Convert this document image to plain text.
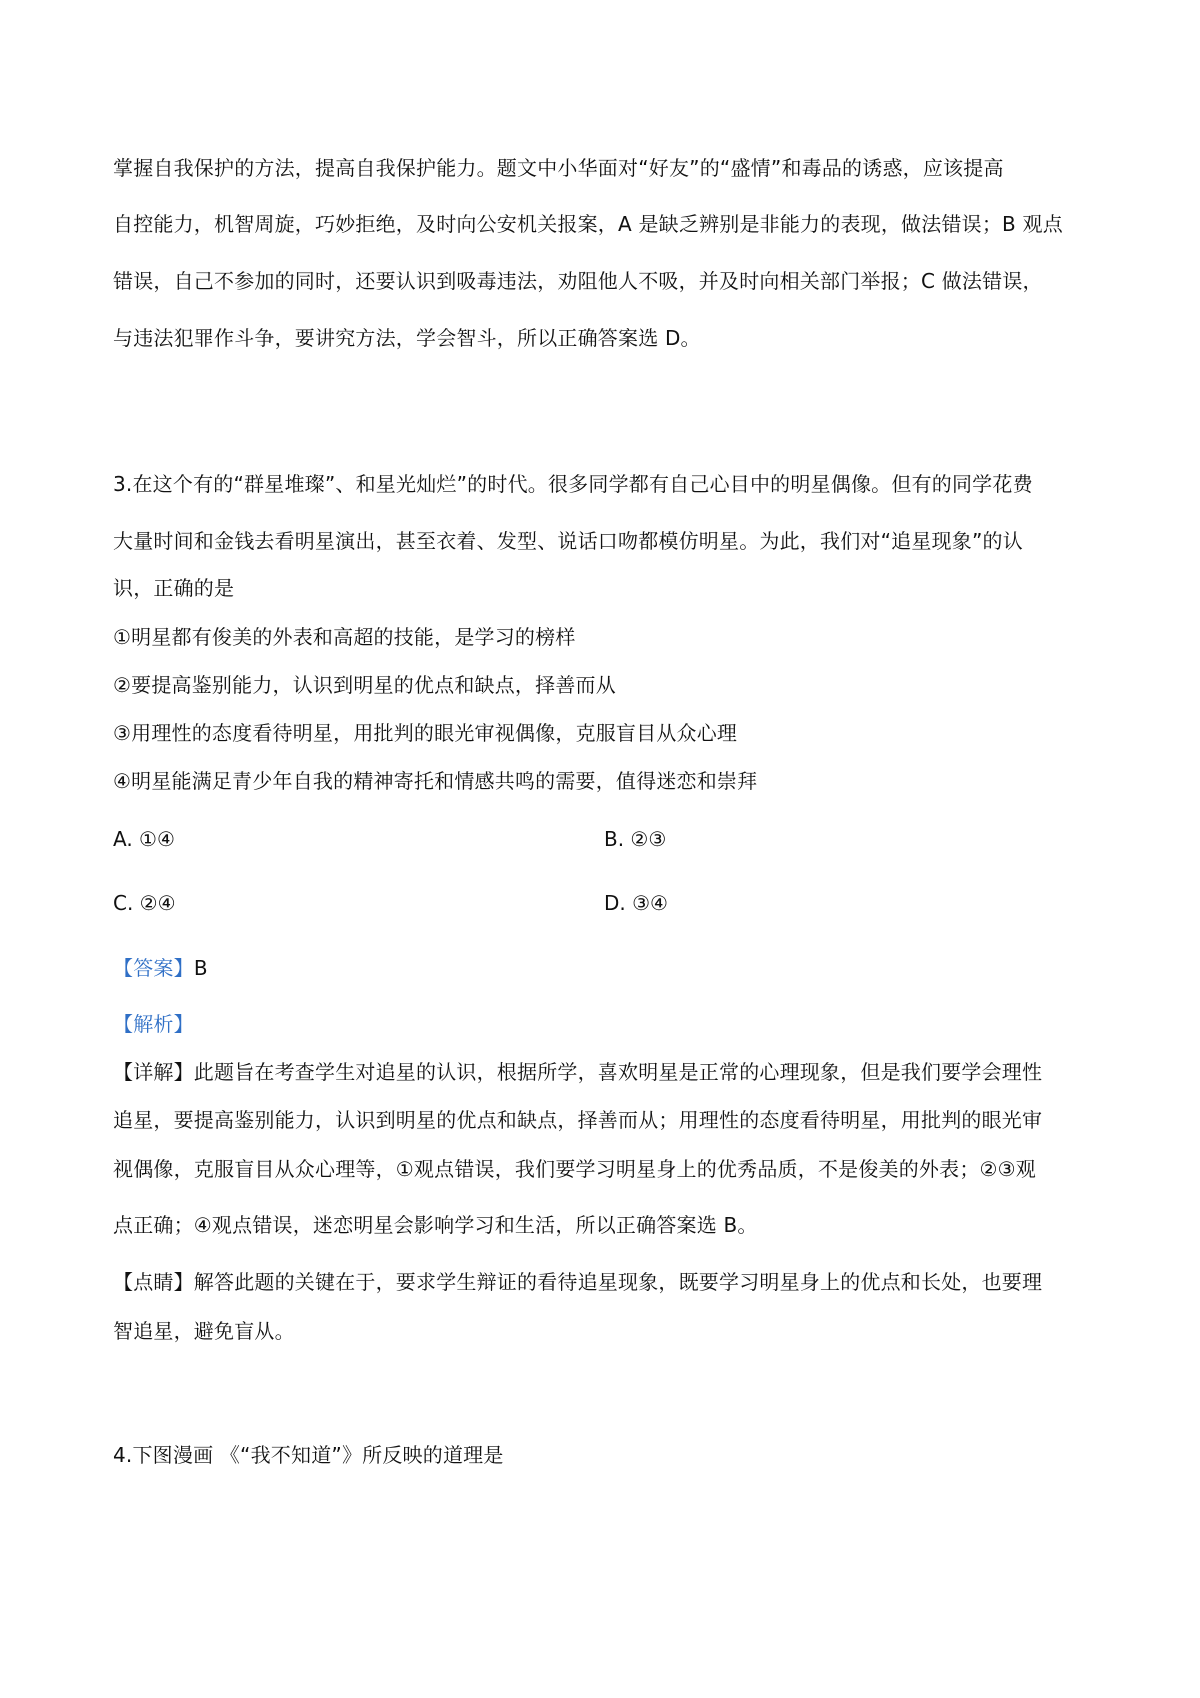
掌握自我保护的方法，提高自我保护能力。题文中小华面对“好友”的“盛情”和毒品的诱惑，应该提高
自控能力，机智周旋，巧妙拒绝，及时向公安机关报案，A 是缺乏辨别是非能力的表现，做法错误；B 观点
错误，自己不参加的同时，还要认识到吸毒违法，劝阻他人不吸，并及时向相关部门举报；C 做法错误，
与违法犯罪作斗争，要讲究方法，学会智斗，所以正确答案选 D。
3.在这个有的“群星堆璨”、和星光灿烂”的时代。很多同学都有自己心目中的明星偶像。但有的同学花费
大量时间和金钱去看明星演出，甚至衣着、发型、说话口吻都模仿明星。为此，我们对“追星现象”的认
识，正确的是
①明星都有俊美的外表和高超的技能，是学习的榜样
②要提高鉴别能力，认识到明星的优点和缺点，择善而从
③用理性的态度看待明星，用批判的眼光审视偶像，克服盲目从众心理
④明星能满足青少年自我的精神寄托和情感共鸣的需要，值得迷恋和崇拜
A. ①④	B. ②③
C. ②④	D. ③④
【答案】B
【解析】
【详解】此题旨在考查学生对追星的认识，根据所学，喜欢明星是正常的心理现象，但是我们要学会理性
追星，要提高鉴别能力，认识到明星的优点和缺点，择善而从；用理性的态度看待明星，用批判的眼光审
视偶像，克服盲目从众心理等，①观点错误，我们要学习明星身上的优秀品质，不是俊美的外表；②③观
点正确；④观点错误，迷恋明星会影响学习和生活，所以正确答案选 B。
【点睛】解答此题的关键在于，要求学生辩证的看待追星现象，既要学习明星身上的优点和长处，也要理
智追星，避免盲从。
4.下图漫画 《“我不知道”》所反映的道理是
